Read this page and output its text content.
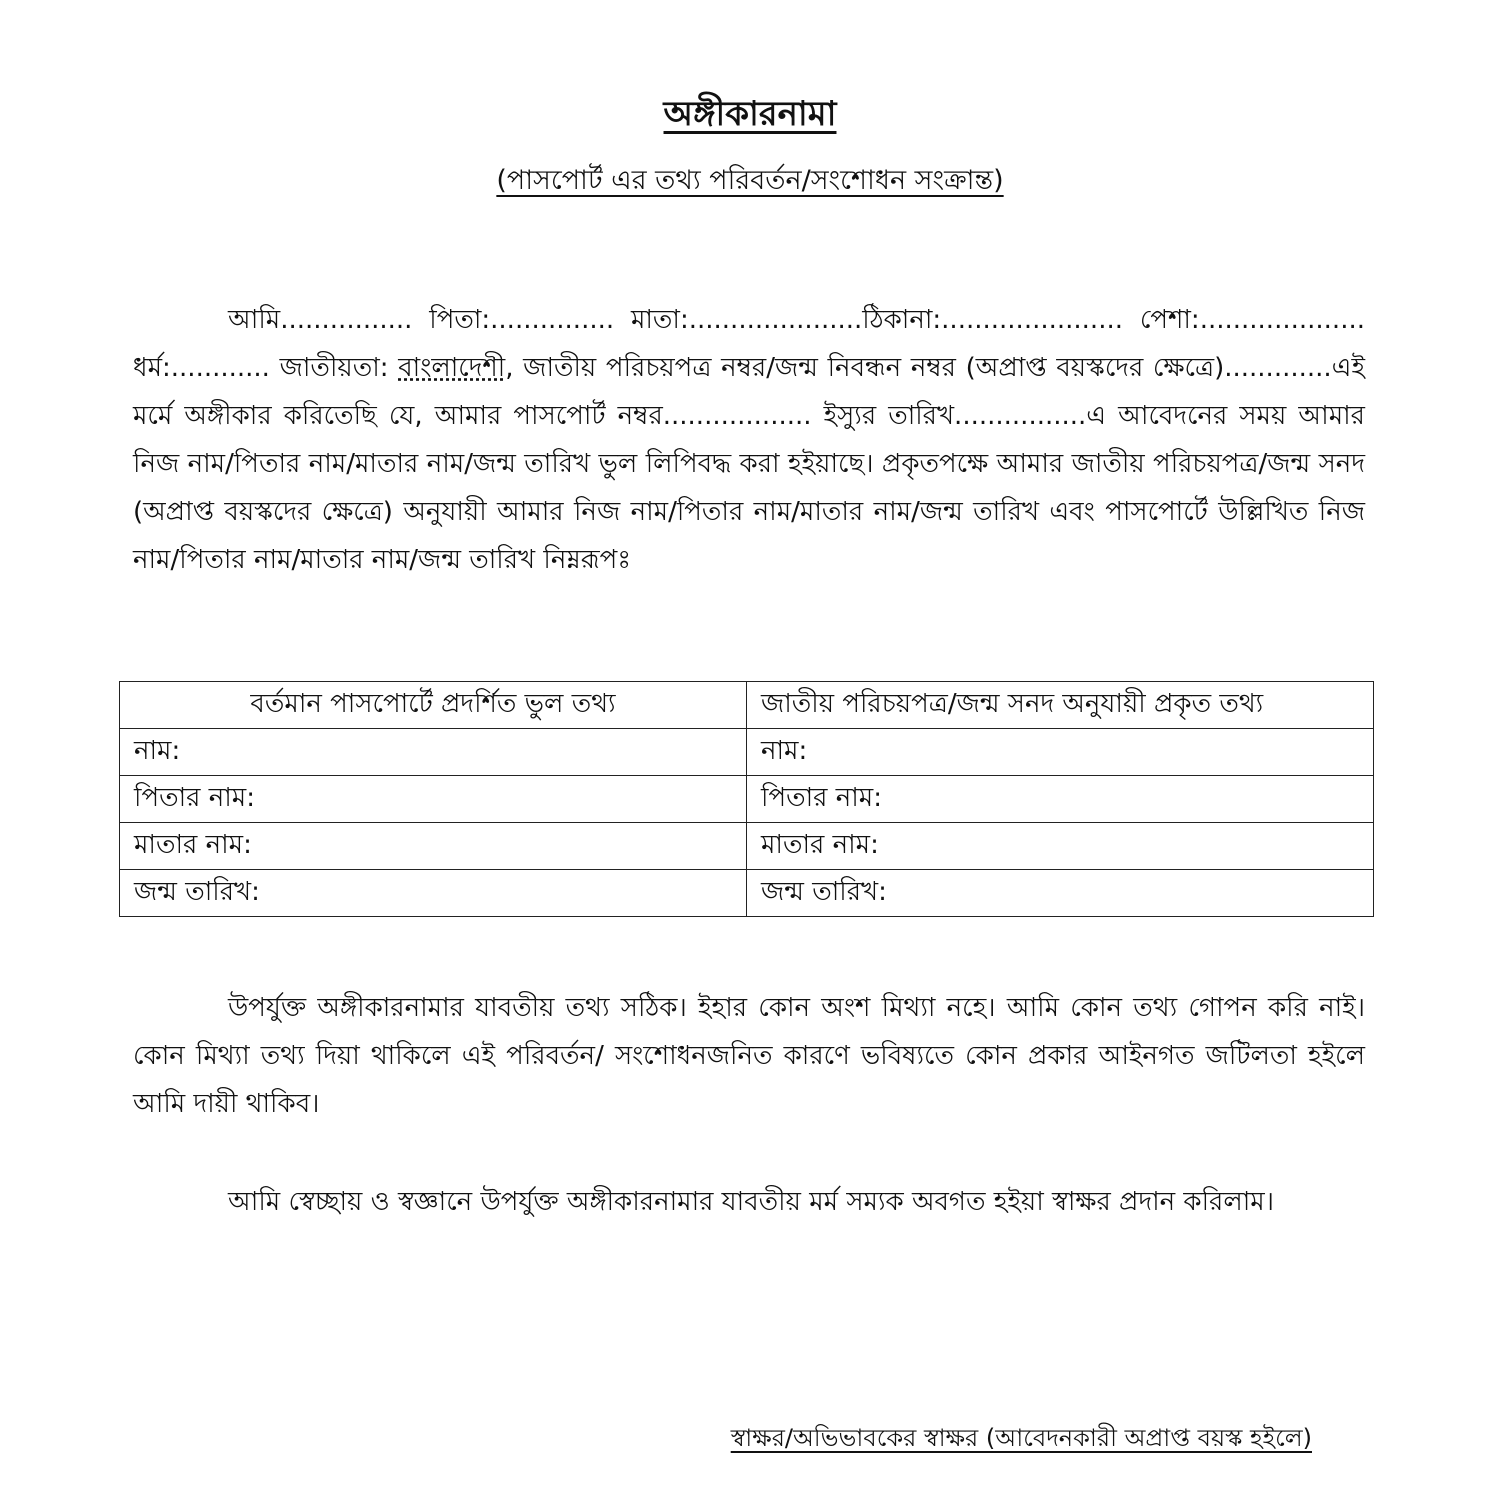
অঙ্গীকারনামা
(পাসপোর্ট এর তথ্য পরিবর্তন/সংশোধন সংক্রান্ত)

আমি................ পিতা:............... মাতা:.....................ঠিকানা:...................... পেশা:.................... ধর্ম:............ জাতীয়তা: বাংলাদেশী, জাতীয় পরিচয়পত্র নম্বর/জন্ম নিবন্ধন নম্বর (অপ্রাপ্ত বয়স্কদের ক্ষেত্রে).............এই মর্মে অঙ্গীকার করিতেছি যে, আমার পাসপোর্ট নম্বর.................. ইস্যুর তারিখ................এ আবেদনের সময় আমার নিজ নাম/পিতার নাম/মাতার নাম/জন্ম তারিখ ভুল লিপিবদ্ধ করা হইয়াছে। প্রকৃতপক্ষে আমার জাতীয় পরিচয়পত্র/জন্ম সনদ (অপ্রাপ্ত বয়স্কদের ক্ষেত্রে) অনুযায়ী আমার নিজ নাম/পিতার নাম/মাতার নাম/জন্ম তারিখ এবং পাসপোর্টে উল্লিখিত নিজ নাম/পিতার নাম/মাতার নাম/জন্ম তারিখ নিম্নরূপঃ

বর্তমান পাসপোর্টে প্রদর্শিত ভুল তথ্য	জাতীয় পরিচয়পত্র/জন্ম সনদ অনুযায়ী প্রকৃত তথ্য
নাম:	নাম:
পিতার নাম:	পিতার নাম:
মাতার নাম:	মাতার নাম:
জন্ম তারিখ:	জন্ম তারিখ:

উপর্যুক্ত অঙ্গীকারনামার যাবতীয় তথ্য সঠিক। ইহার কোন অংশ মিথ্যা নহে। আমি কোন তথ্য গোপন করি নাই। কোন মিথ্যা তথ্য দিয়া থাকিলে এই পরিবর্তন/ সংশোধনজনিত কারণে ভবিষ্যতে কোন প্রকার আইনগত জটিলতা হইলে আমি দায়ী থাকিব।

আমি স্বেচ্ছায় ও স্বজ্ঞানে উপর্যুক্ত অঙ্গীকারনামার যাবতীয় মর্ম সম্যক অবগত হইয়া স্বাক্ষর প্রদান করিলাম।

স্বাক্ষর/অভিভাবকের স্বাক্ষর (আবেদনকারী অপ্রাপ্ত বয়স্ক হইলে)
